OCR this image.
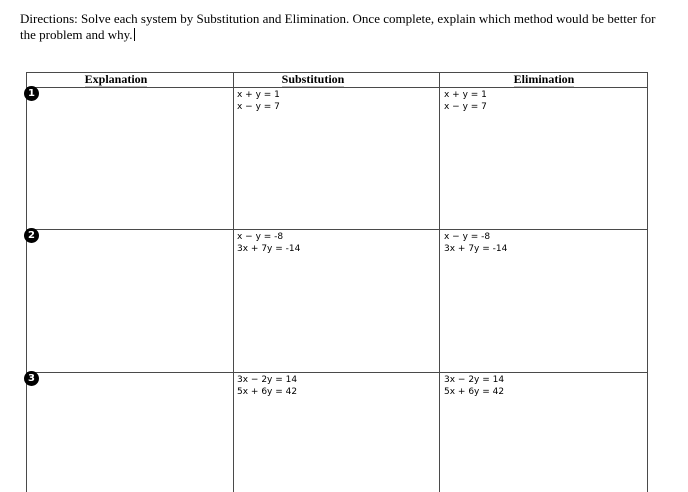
Directions: Solve each system by Substitution and Elimination. Once complete, explain which method would be better for the problem and why.
Explanation	Substitution	Elimination
x + y = 1
x − y = 7
x + y = 1
x − y = 7
x − y = -8
3x + 7y = -14
x − y = -8
3x + 7y = -14
3x − 2y = 14
5x + 6y = 42
3x − 2y = 14
5x + 6y = 42
1
2
3
